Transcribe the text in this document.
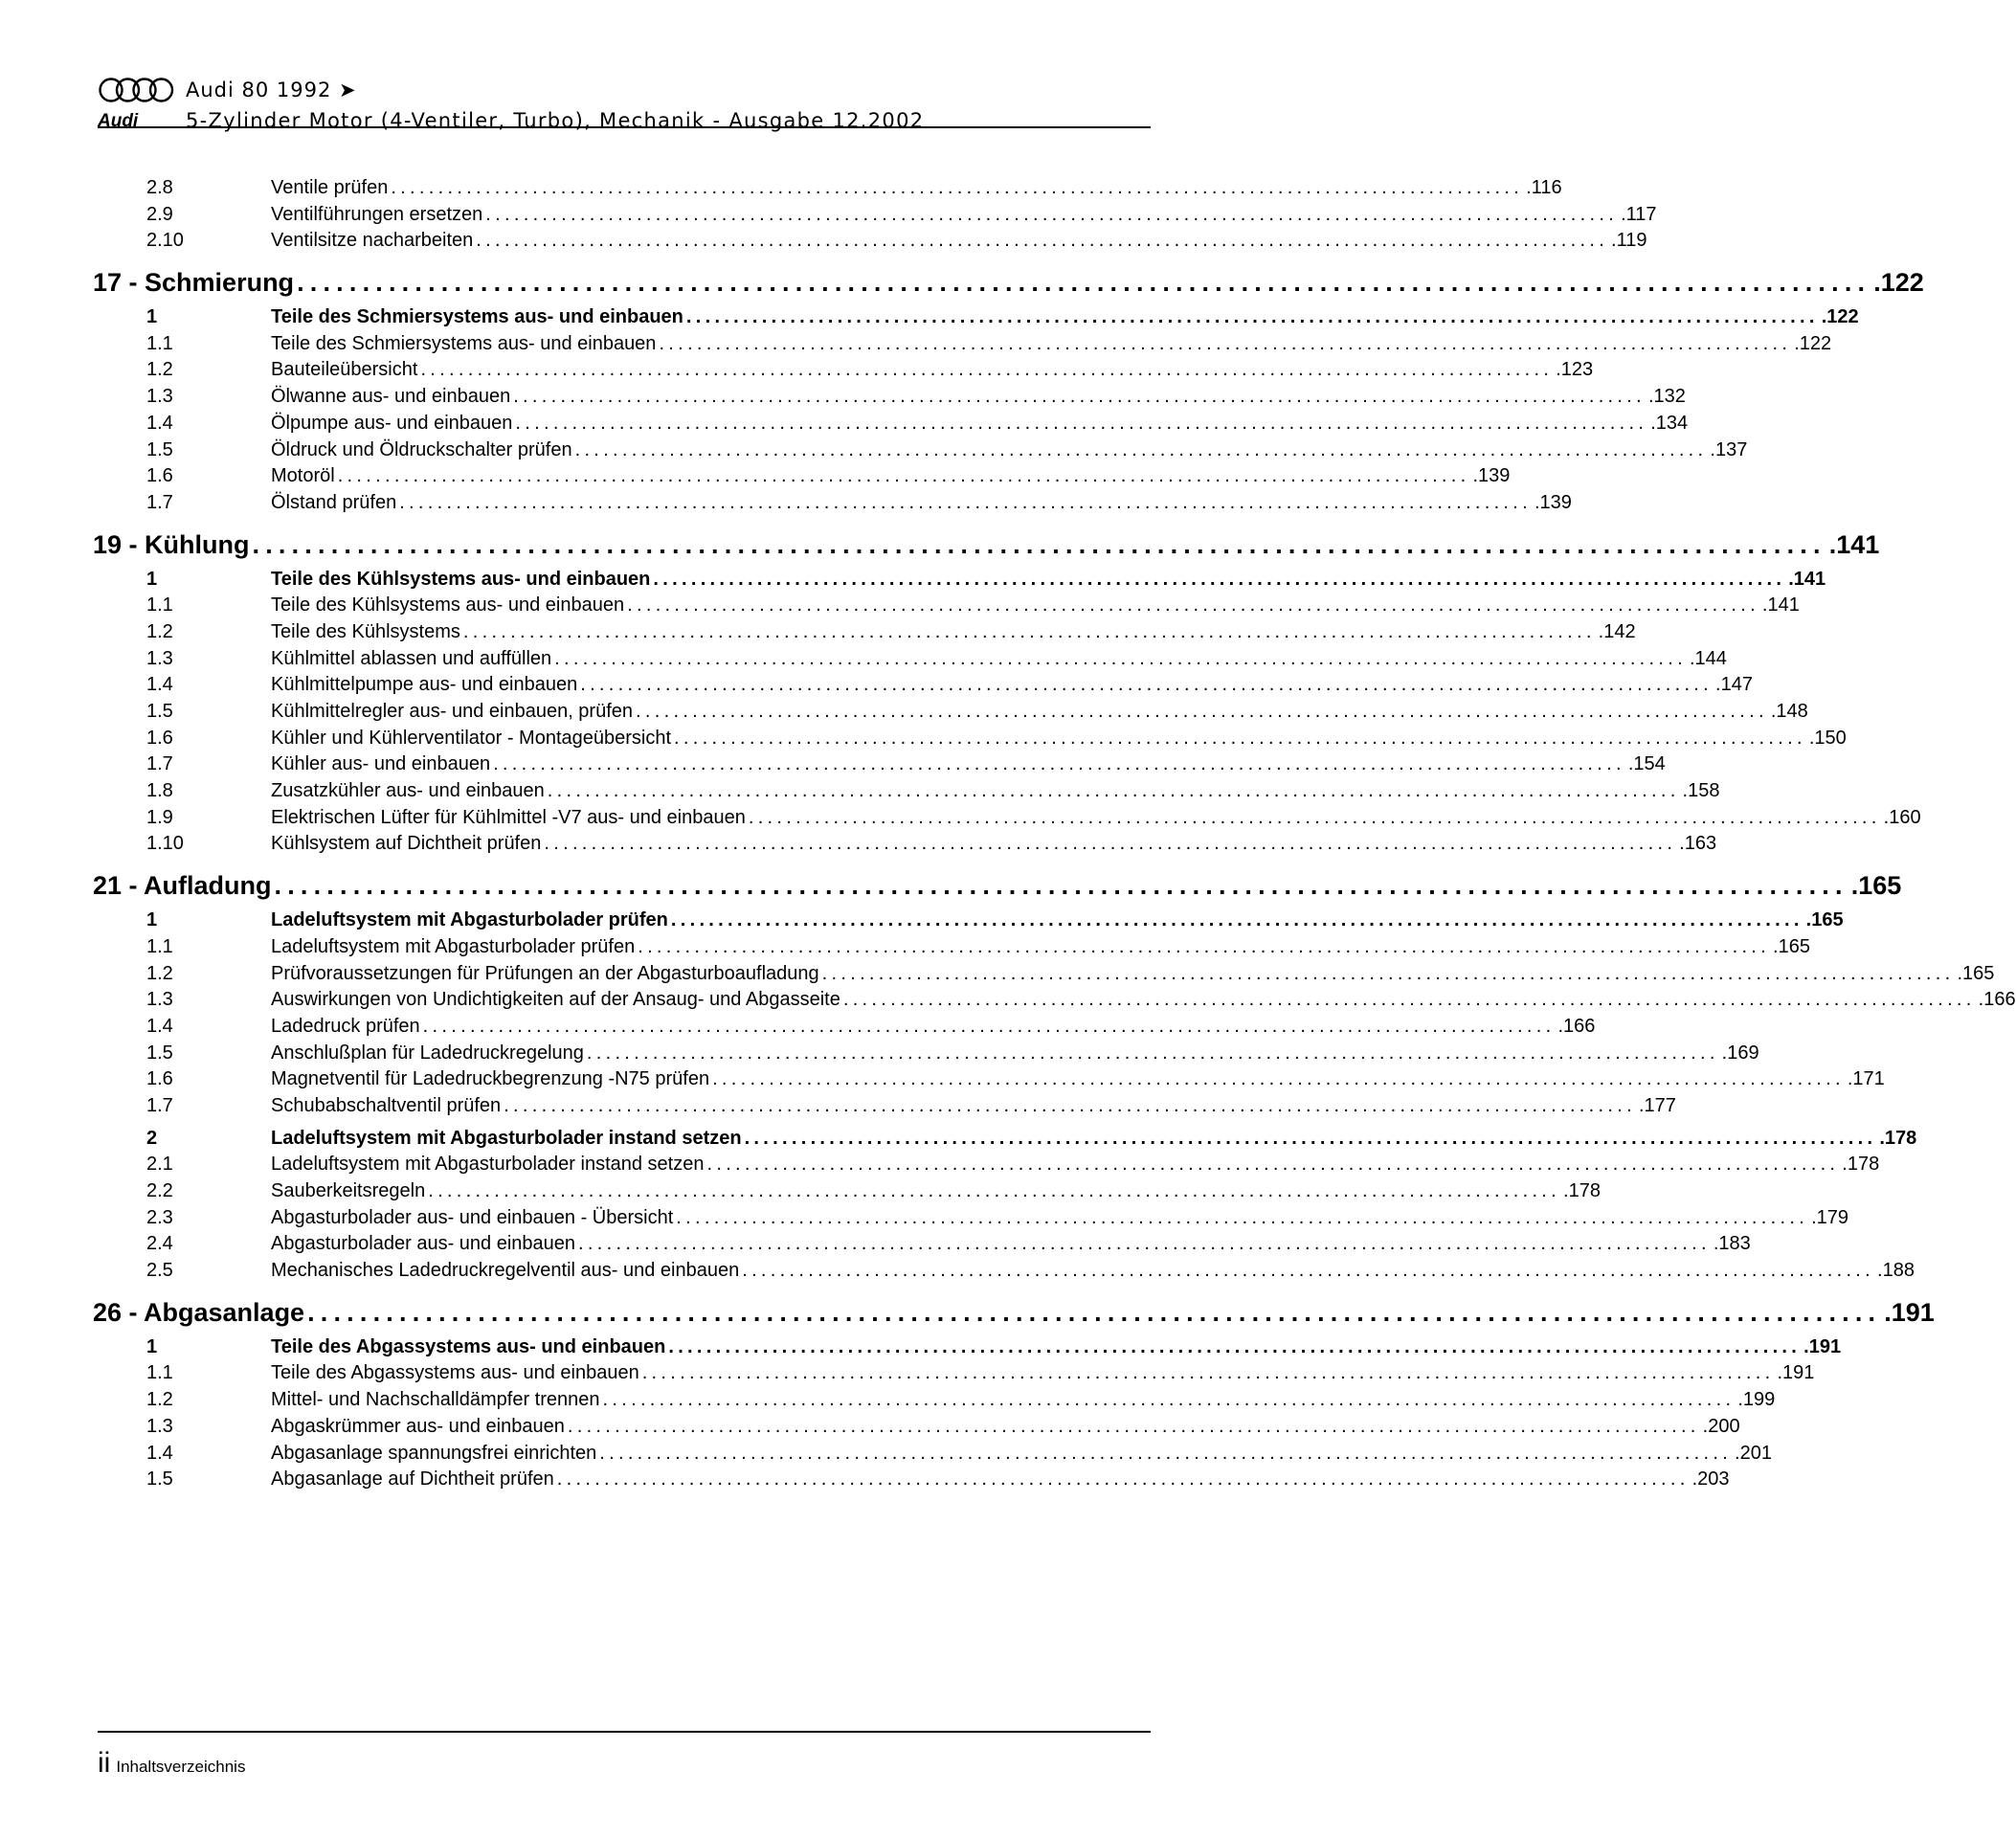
Audi 80 1992 ➤
Audi	5-Zylinder Motor (4-Ventiler, Turbo), Mechanik - Ausgabe 12.2002
2.8	Ventile prüfen ........................................................................................................................ .116
2.9	Ventilführungen ersetzen ........................................................................................................................ .117
2.10	Ventilsitze nacharbeiten ........................................................................................................................ .119
17 - Schmierung ........................................................................................................................ .122
1	Teile des Schmiersystems aus- und einbauen ........................................................................................................................ .122
1.1	Teile des Schmiersystems aus- und einbauen ........................................................................................................................ .122
1.2	Bauteileübersicht ........................................................................................................................ .123
1.3	Ölwanne aus- und einbauen ........................................................................................................................ .132
1.4	Ölpumpe aus- und einbauen ........................................................................................................................ .134
1.5	Öldruck und Öldruckschalter prüfen ........................................................................................................................ .137
1.6	Motoröl ........................................................................................................................ .139
1.7	Ölstand prüfen ........................................................................................................................ .139
19 - Kühlung ........................................................................................................................ .141
1	Teile des Kühlsystems aus- und einbauen ........................................................................................................................ .141
1.1	Teile des Kühlsystems aus- und einbauen ........................................................................................................................ .141
1.2	Teile des Kühlsystems ........................................................................................................................ .142
1.3	Kühlmittel ablassen und auffüllen ........................................................................................................................ .144
1.4	Kühlmittelpumpe aus- und einbauen ........................................................................................................................ .147
1.5	Kühlmittelregler aus- und einbauen, prüfen ........................................................................................................................ .148
1.6	Kühler und Kühlerventilator - Montageübersicht ........................................................................................................................ .150
1.7	Kühler aus- und einbauen ........................................................................................................................ .154
1.8	Zusatzkühler aus- und einbauen ........................................................................................................................ .158
1.9	Elektrischen Lüfter für Kühlmittel -V7 aus- und einbauen ........................................................................................................................ .160
1.10	Kühlsystem auf Dichtheit prüfen ........................................................................................................................ .163
21 - Aufladung ........................................................................................................................ .165
1	Ladeluftsystem mit Abgasturbolader prüfen ........................................................................................................................ .165
1.1	Ladeluftsystem mit Abgasturbolader prüfen ........................................................................................................................ .165
1.2	Prüfvoraussetzungen für Prüfungen an der Abgasturboaufladung ........................................................................................................................ .165
1.3	Auswirkungen von Undichtigkeiten auf der Ansaug- und Abgasseite ........................................................................................................................ .166
1.4	Ladedruck prüfen ........................................................................................................................ .166
1.5	Anschlußplan für Ladedruckregelung ........................................................................................................................ .169
1.6	Magnetventil für Ladedruckbegrenzung -N75 prüfen ........................................................................................................................ .171
1.7	Schubabschaltventil prüfen ........................................................................................................................ .177
2	Ladeluftsystem mit Abgasturbolader instand setzen ........................................................................................................................ .178
2.1	Ladeluftsystem mit Abgasturbolader instand setzen ........................................................................................................................ .178
2.2	Sauberkeitsregeln ........................................................................................................................ .178
2.3	Abgasturbolader aus- und einbauen - Übersicht ........................................................................................................................ .179
2.4	Abgasturbolader aus- und einbauen ........................................................................................................................ .183
2.5	Mechanisches Ladedruckregelventil aus- und einbauen ........................................................................................................................ .188
26 - Abgasanlage ........................................................................................................................ .191
1	Teile des Abgassystems aus- und einbauen ........................................................................................................................ .191
1.1	Teile des Abgassystems aus- und einbauen ........................................................................................................................ .191
1.2	Mittel- und Nachschalldämpfer trennen ........................................................................................................................ .199
1.3	Abgaskrümmer aus- und einbauen ........................................................................................................................ .200
1.4	Abgasanlage spannungsfrei einrichten ........................................................................................................................ .201
1.5	Abgasanlage auf Dichtheit prüfen ........................................................................................................................ .203
ii Inhaltsverzeichnis
